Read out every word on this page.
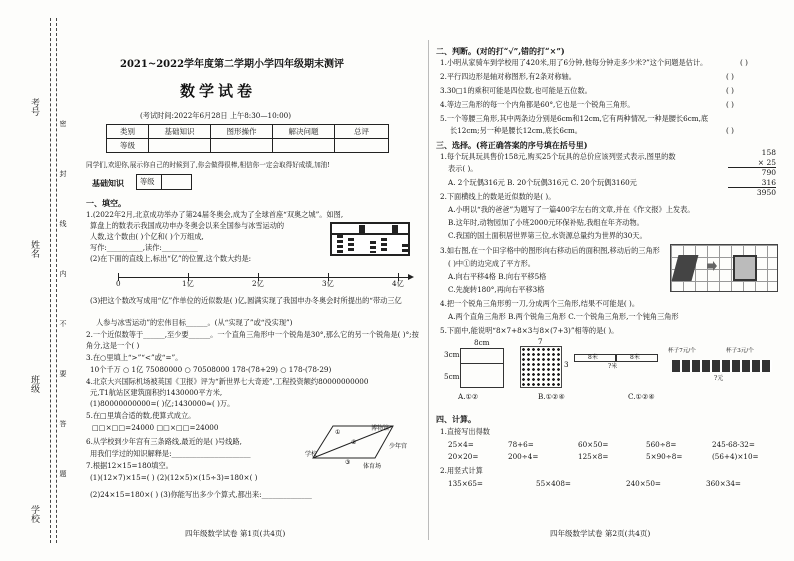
考号
姓名
班级
学校
密
封
线
内
不
要
答
题
2021~2022学年度第二学期小学四年级期末测评
数学试卷
(考试时间:2022年6月28日 上午8:30—10:00)
类别	基础知识	图形操作	解决问题	总评
等级				
同学们,欢迎你,展示你自己的时候到了,你会做得很棒,相信你一定会取得好成绩,加油!
基础知识 等级
一、填空。
1.(2022年2月,北京成功举办了第24届冬奥会,成为了全球首座“双奥之城”。如图,
算盘上的数表示我国成功申办冬奥会以来全国参与冰雪运动的
人数,这个数由( )个亿和( )个万组成,
写作:__________,读作:__________
(2)在下面的直线上,标出“亿”的位置,这个数大约是:
0	1亿	2亿	3亿	4亿
(3)把这个数改写成用“亿”作单位的近似数是( )亿,圆满实现了我国申办冬奥会时所提出的“带动三亿
人参与冰雪运动”的宏伟目标______。(从“实现了”或“没实现”)
2.一个近似数等于______,至少要______。一个直角三角形中一个锐角是30°,那么它的另一个锐角是( )°;按角分,这是一个( )
3.在○里填上“>”“<”或“=”。
10个千万 ○ 1亿 75080000 ○ 70508000 178-(78+29) ○ 178-(78-29)
4.北京大兴国际机场被英国《卫报》评为“新世界七大奇迹”,工程投资额约80000000000
元,T1航站区建筑面积约1430000平方米,
(1)80000000000=( )亿;1430000≈( )万。
5.在□里填合适的数,使算式成立。
□□×□□=24000 □□×□□=24000
6.从学校到少年宫有三条路线,最近的是( )号线路,
用我们学过的知识解释是:______________________
博物馆
学校
少年宫
体育场
①
②
③
7.根据12×15=180填空。
(1)(12×7)×15=( ) (2)(12×5)×(15÷3)=180×( )
(2)24×15=180×( ) (3)你能写出多少个算式,都出来:______________
四年级数学试卷 第1页(共4页)
二、判断。(对的打“√”,错的打“×”)
1.小明从家骑车到学校用了420米,用了6分钟,他每分钟走多少米?”这个问题是估计。	( )
2.平行四边形是轴对称图形,有2条对称轴。	( )
3.30□1的乘积可能是四位数,也可能是五位数。	( )
4.等边三角形的每一个内角都是60°,它也是一个锐角三角形。	( )
5.一个等腰三角形,其中两条边分别是6cm和12cm,它有两种情况,一种是腰长6cm,底
长12cm;另一种是腰长12cm,底长6cm。	( )
三、选择。(将正确答案的序号填在括号里)
1.每个玩具玩具售价158元,购买25个玩具的总价应该列竖式表示,图里的数
表示( )。
158
× 25
790
316
3950
A. 2个玩偶316元 B. 20个玩偶316元 C. 20个玩偶3160元
2.下面横线上的数是近似数的是( )。
A.小明以“我的爸爸”为题写了一篇400字左右的文章,并在《作文报》上发表。
B.这年时,动物园加了小班2000元环保补贴,我组在年齐动物。
C.我国的国土面积居世界第三位,水资源总量约为世界的30天。
3.如右图,在一个田字格中的图形向右移动后的面积图,移动后的三角形
( )中①的边完成了平方形。
A.向右平移4格 B.向右平移5格
C.先旋转180°,再向右平移3格
4.把一个锐角三角形剪一刀,分成两个三角形,结果不可能是( )。
A.两个直角三角形 B.两个锐角三角形 C.一个锐角三角形,一个钝角三角形
5.下面中,能说明“8×7+8×3与8×(7+3)”相等的是( )。
3cm
5cm
8cm	7
3
8米	8米
?米
杯子7元/个	杯子3元/个
?元
A.①②	B.①②④	C.①②④
四、计算。
1.直接写出得数
25×4=	78+6=	60×50=	560÷8=	245-68-32=
20×20=	200÷4=	125×8=	5×90÷8=	(56+4)×10=
2.用竖式计算
135×65=	55×408=	240×50=	360×34=
四年级数学试卷 第2页(共4页)
